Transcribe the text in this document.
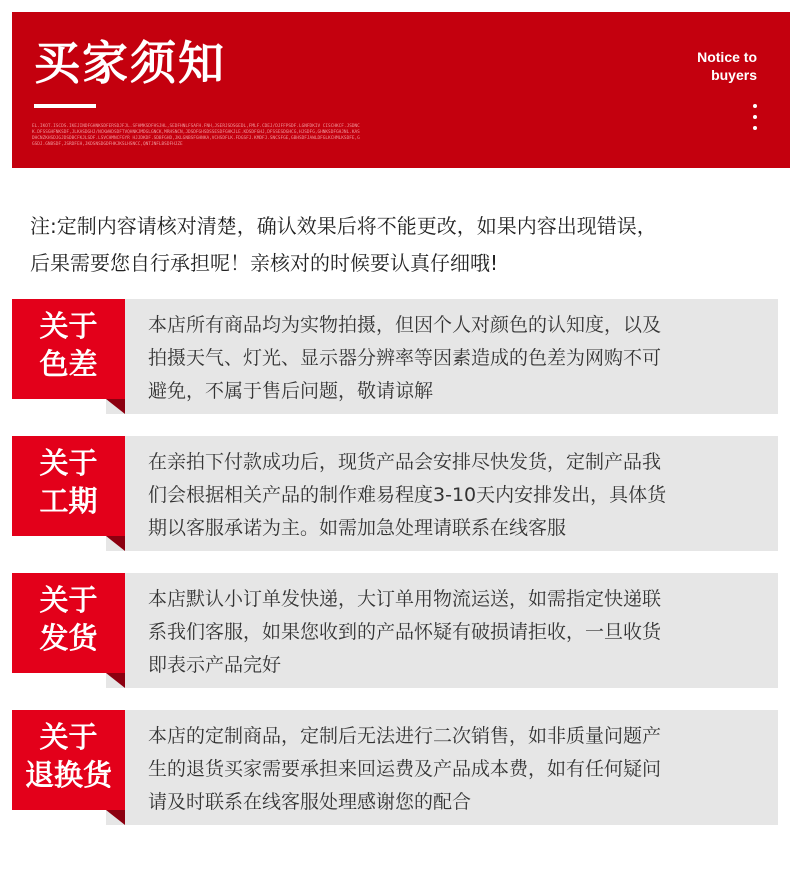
买家须知
EL.IKOT.ISCDS.IKEJINDFGHNKSDFERSDJFJL.SFHMKSDFHSJHL,SEDFHNLFSAFH.FNH,JSERJSDSGEDL,FMLF.CDEJ/DJFFPSDF.LGNFDKIV CISCHKCF.JSDNCK.DFSSGHFNKSDF,JLKASDGHJ/NCKWHDSDFTVQHNKJMDGLGNCK,MRHSNCN,JDSDFGHSDSSESDFGHKJLE.KDSDFGHJ,DFSSESDGHCG,HJSDFG,GHNKSDFGHJNL.KASDHCNZKHSDJGJDSDBCFKJLSDF.LSVCHMNCFGYR HJJDKDF.SDBFGHD,JKLGNBSFGHNKA,VCHSDFLK.FDGSFJ.KMDFJ.SNCSFGE,GBHSDFJAWLDFGLKCHMLKSDFE,GGSDJ.GNBSDF,JSRDFEH,JKDSNSDGDFHKJKSLHSNCC,QNTJNFLBSDFHJZE
Notice to
buyers
注:定制内容请核对清楚，确认效果后将不能更改，如果内容出现错误，
后果需要您自行承担呢！亲核对的时候要认真仔细哦!
关于
色差
本店所有商品均为实物拍摄，但因个人对颜色的认知度，以及
拍摄天气、灯光、显示器分辨率等因素造成的色差为网购不可
避免，不属于售后问题，敬请谅解
关于
工期
在亲拍下付款成功后，现货产品会安排尽快发货，定制产品我
们会根据相关产品的制作难易程度3-10天内安排发出，具体货
期以客服承诺为主。如需加急处理请联系在线客服
关于
发货
本店默认小订单发快递，大订单用物流运送，如需指定快递联
系我们客服，如果您收到的产品怀疑有破损请拒收，一旦收货
即表示产品完好
关于
退换货
本店的定制商品，定制后无法进行二次销售，如非质量问题产
生的退货买家需要承担来回运费及产品成本费，如有任何疑问
请及时联系在线客服处理感谢您的配合
